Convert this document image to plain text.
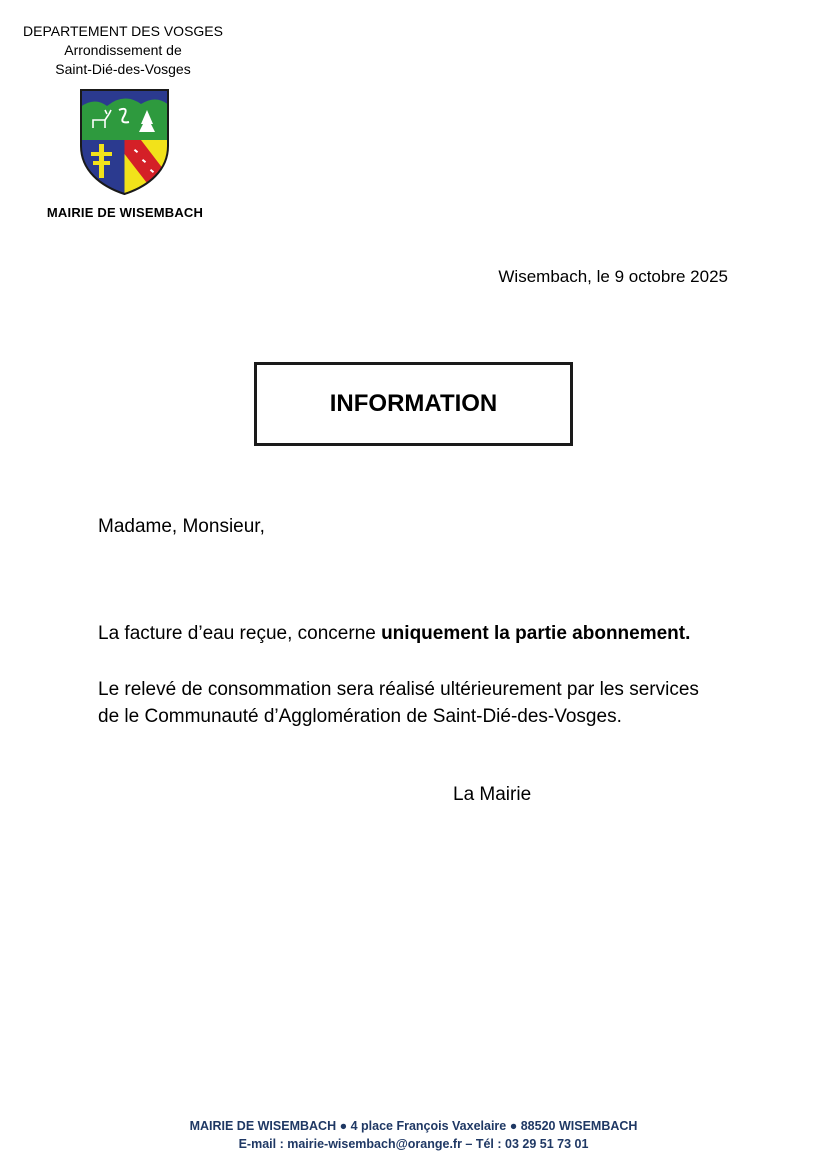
DEPARTEMENT DES VOSGES
Arrondissement de
Saint-Dié-des-Vosges
MAIRIE DE WISEMBACH
Wisembach, le 9 octobre 2025
INFORMATION
Madame, Monsieur,
La facture d’eau reçue, concerne uniquement la partie abonnement.
Le relevé de consommation sera réalisé ultérieurement par les services
de le Communauté d’Agglomération de Saint-Dié-des-Vosges.
La Mairie
MAIRIE DE WISEMBACH ● 4 place François Vaxelaire ● 88520 WISEMBACH
E-mail : mairie-wisembach@orange.fr – Tél : 03 29 51 73 01
